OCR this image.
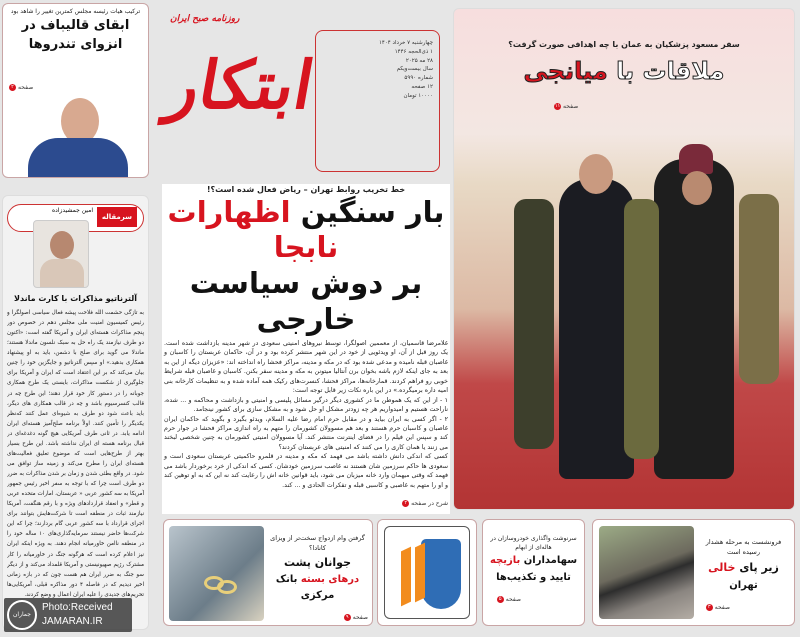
ابتکار
روزنامه صبح ایران
چهارشنبه ۷ خرداد ۱۴۰۴
۱ ذی‌الحجه ۱۴۴۶
۲۸ مه ۲۰۲۵
سال بیست‌ویکم
شماره ۵۹۹۰
۱۲ صفحه
۱۰۰۰۰ تومان
خط تخریب روابط تهران – ریاض فعال شده است؟!
بار سنگین اظهارات نابجا
بر دوش سیاست خارجی

غلامرضا قاسمیان، از معممین اصولگرا، توسط نیروهای امنیتی سعودی در شهر مدینه بازداشت شده است. یک روز قبل از آن، او ویدئویی از خود در این شهر منتشر کرده بود و در آن، حاکمان عربستان را کاسبان و غاصبان قبله نامیده و مدعی شده بود که در مکه و مدینه، مراکز فحشا راه انداخته اند: «عزیزان دیگه از این به بعد به جای اینکه لازم باشه بخوان برن آنتالیا میتونن به مکه و مدینه سفر بکنن. کاسبان و غاصبان قبله شرایط خوبی رو فراهم کردند. قمارخانه‌ها، مراکز فحشا، کنسرت‌های رکیک همه آماده شده و به تنظیمات کارخانه بنی امیه داره برمیگرده.» در این باره نکات زیر قابل توجه است:

۱ - از این که یک هموطن ما در کشوری دیگر درگیر مسائل پلیسی و امنیتی و بازداشت و محاکمه و ... شده، ناراحت هستیم و امیدواریم هر چه زودتر مشکل او حل شود و به مشکل سازی برای کشور نینجامد.

۲ - اگر کسی به ایران بیاید و در مقابل حرم امام رضا علیه السلام، ویدئو بگیرد و بگوید که حاکمان ایران غاصبان و کاسبان حرم هستند و بعد هم مسوولان کشورمان را متهم به راه اندازی مراکز فحشا در جوار حرم کند و سپس این فیلم را در فضای اینترنت منتشر کند. آیا مسوولان امنیتی کشورمان به چنین شخصی لبخند می زنند یا همان کاری را می کنند که امنیتی های عربستان کردند؟

کسی که اندکی دانش داشته باشد می فهمد که مکه و مدینه در قلمرو حاکمیتی عربستان سعودی است و سعودی ها حاکم سرزمین شان هستند نه غاصب سرزمین خودشان. کسی که اندکی از خرد برخوردار باشد می فهمد که وقتی میهمان وارد خانه میزبان می شود، باید قوانین خانه اش را رعایت کند نه این که به او توهین کند و او را متهم به غاصبی و کاسبی قبله و تفکرات الحادی و ... کند.

شرح در صفحه
۲
سفر مسعود پزشکیان به عمان با چه اهدافی صورت گرفت؟
ملاقات با میانجی
صفحه
۱۱
ترکیب هیات رئیسه مجلس کمترین تغییر را شاهد بود
ابقای قالیباف در
انزوای تندروها
صفحه
۲
سرمقاله
امین جمشیدزاده
آلترناتیو مذاکرات با کارت ماندلا

به تازگی حشمت الله فلاحت پیشه فعال سیاسی اصولگرا و رئیس کمیسیون امنیت ملی مجلس دهم در خصوص دور پنجم مذاکرات هسته‌ای ایران و آمریکا گفته است: «اکنون دو طرف نیازمند یک راه حل به سبک نلسون ماندلا هستند؛ ماندلا می گوید برای صلح با دشمن، باید به او پیشنهاد همکاری بدهید.» او سپس آلترناتیو و جایگزین خود را چنین بیان می‌کند که بر این اعتقاد است که ایران و آمریکا برای جلوگیری از شکست مذاکرات، بایستی یک طرح همکاری جوبانه را در دستور کار خود قرار دهند؛ این طرح چه در قالب کنسرسیوم باشد و چه در قالب همکاری های دیگر، باید باعث شود دو طرف به شیوه‌ای عمل کنند که‌نظر یکدیگر را تأمین کنند. اولاً برنامه صلح‌آمیز هسته‌ای ایران ادامه یابد. در ثانی طرف آمریکایی هیچ گونه دغدغه‌ای در قبال برنامه هسته ای ایران نداشته باشد. این طرح بسیار بهتر از طرح‌هایی است که موضوع تعلیق فعالیت‌های هسته‌ای ایران را مطرح می‌کند و زمینه ساز توافق می شود. در واقع بطئی شدن و زمان بر شدن مذاکرات به ضرر دو طرف است چرا که با توجه به سفر اخیر رئیس جمهور آمریکا به سه کشور عربی « عربستان، امارات متحده عربی و قطر» و انعقاد قراردادهای ویژه و با رقم هنگفت، آمریکا نیازمند ثبات در منطقه است تا شرکت‌هایش بتوانند برای اجرای قرارداد با سه کشور عربی گام بردارند؛ چرا که این شرکت‌ها حاضر نیستند سرمایه‌گذاری‌های ۱۰ ساله خود را در منطقه ناامن خاورمیانه انجام دهند. به ویژه اینکه ایران نیز اعلام کرده است که هرگونه جنگ در خاورمیانه را کار مشترک رژیم صهیونیستی و آمریکا قلمداد می‌کند و از دیگر سو جنگ به ضرر ایران هم هست چون که در بازه زمانی اخیر دیدیم که در فاصله ۴ دور مذاکره قبلی، آمریکایی‌ها تحریم‌های جدیدی را علیه ایران اعمال و وضع کردند.

گرفتن وام ازدواج سخت‌تر از ویزای کانادا؟
جوانان پشت
درهای بسته بانک مرکزی
صفحه
۹
سرنوشت واگذاری خودروسازان در هاله‌ای از ابهام
سهامداران بازیچه
تایید و تکذیب‌ها
صفحه
۵
فرونشست به مرحله هشدار رسیده است
زیر پای خالی
تهران
صفحه
۳
جماران
Photo:Received
JAMARAN.IR
